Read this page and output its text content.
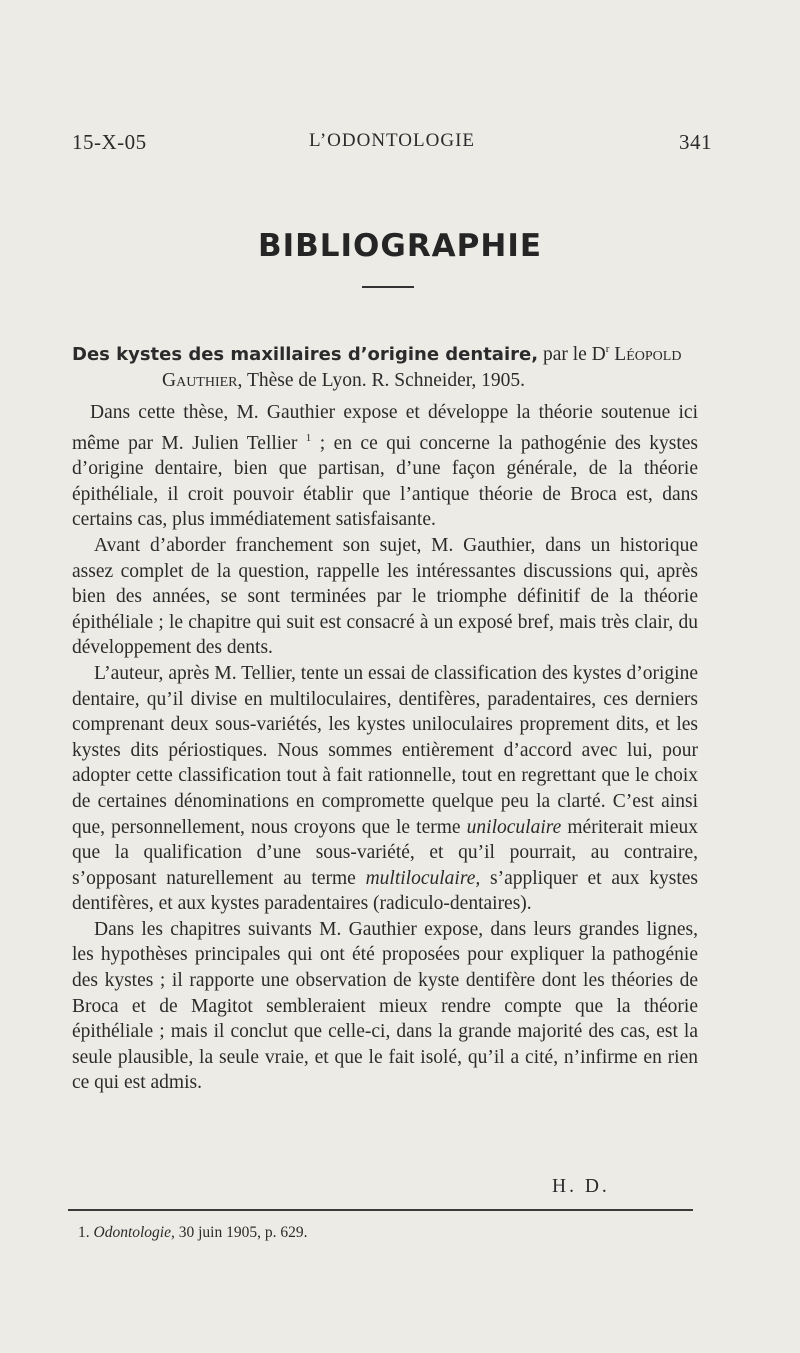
15-X-05	L’ODONTOLOGIE	341
BIBLIOGRAPHIE
Des kystes des maxillaires d’origine dentaire, par le $D^r$ Léopold
Gauthier, Thèse de Lyon. R. Schneider, 1905.

Dans cette thèse, M. Gauthier expose et développe la théorie soutenue ici même par M. Julien Tellier $^1$ ; en ce qui concerne la pathogénie des kystes d’origine dentaire, bien que partisan, d’une façon générale, de la théorie épithéliale, il croit pouvoir établir que l’antique théorie de Broca est, dans certains cas, plus immédiatement satisfaisante.

Avant d’aborder franchement son sujet, M. Gauthier, dans un historique assez complet de la question, rappelle les intéressantes discussions qui, après bien des années, se sont terminées par le triomphe définitif de la théorie épithéliale ; le chapitre qui suit est consacré à un exposé bref, mais très clair, du développement des dents.

L’auteur, après M. Tellier, tente un essai de classification des kystes d’origine dentaire, qu’il divise en multiloculaires, dentifères, paradentaires, ces derniers comprenant deux sous-variétés, les kystes uniloculaires proprement dits, et les kystes dits périostiques. Nous sommes entièrement d’accord avec lui, pour adopter cette classification tout à fait rationnelle, tout en regrettant que le choix de certaines dénominations en compromette quelque peu la clarté. C’est ainsi que, personnellement, nous croyons que le terme uniloculaire mériterait mieux que la qualification d’une sous-variété, et qu’il pourrait, au contraire, s’opposant naturellement au terme multiloculaire, s’appliquer et aux kystes dentifères, et aux kystes paradentaires (radiculo-dentaires).

Dans les chapitres suivants M. Gauthier expose, dans leurs grandes lignes, les hypothèses principales qui ont été proposées pour expliquer la pathogénie des kystes ; il rapporte une observation de kyste dentifère dont les théories de Broca et de Magitot sembleraient mieux rendre compte que la théorie épithéliale ; mais il conclut que celle-ci, dans la grande majorité des cas, est la seule plausible, la seule vraie, et que le fait isolé, qu’il a cité, n’infirme en rien ce qui est admis.

H. D.
1. Odontologie, 30 juin 1905, p. 629.
